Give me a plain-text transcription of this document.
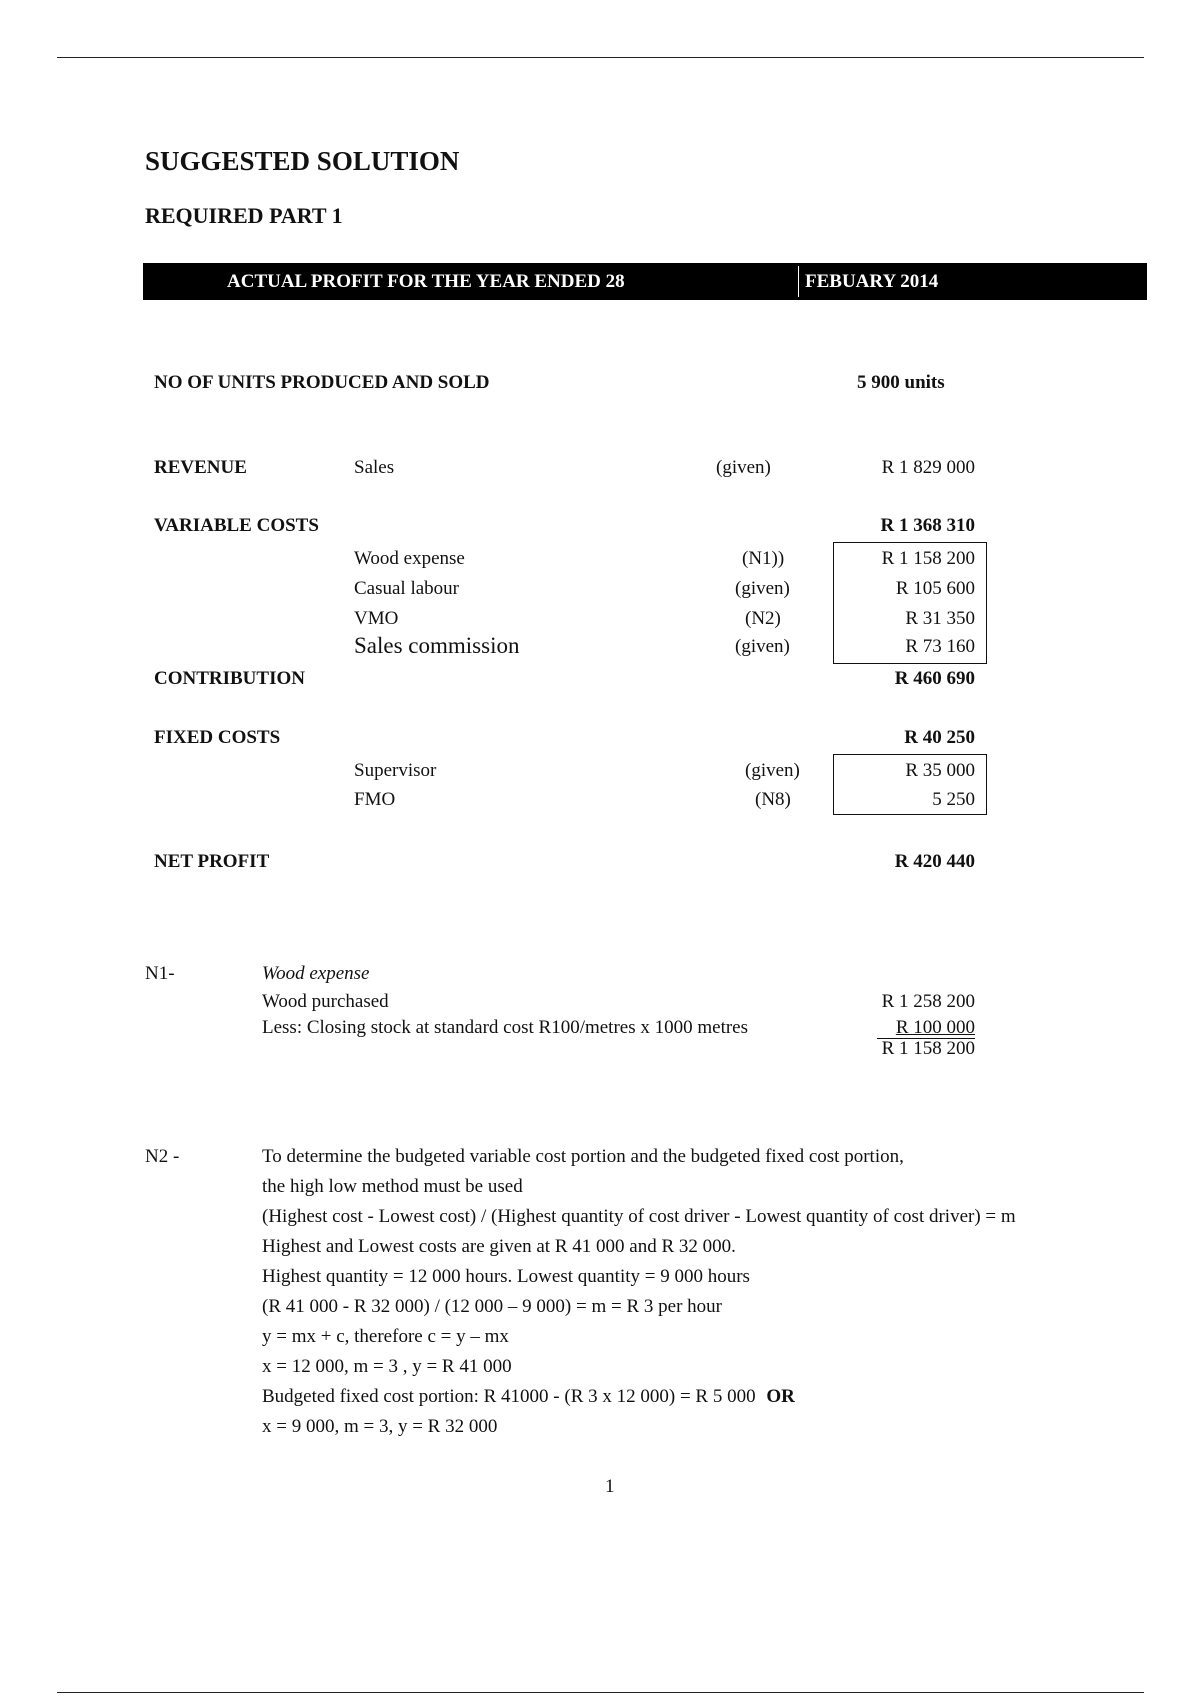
SUGGESTED SOLUTION
REQUIRED PART 1
ACTUAL PROFIT FOR THE YEAR ENDED 28	FEBUARY 2014
NO OF UNITS PRODUCED AND SOLD	5 900 units
REVENUE	Sales	(given)	R 1 829 000
VARIABLE COSTS	R 1 368 310
Wood expense	(N1))	R 1 158 200
Casual labour	(given)	R 105 600
VMO	(N2)	R 31 350
Sales commission	(given)	R 73 160
CONTRIBUTION	R 460 690
FIXED COSTS	R 40 250
Supervisor	(given)	R 35 000
FMO	(N8)	5 250
NET PROFIT	R 420 440
N1-	Wood expense
Wood purchased	R 1 258 200
Less: Closing stock at standard cost R100/metres x 1000 metres	R 100 000
R 1 158 200
N2 -	To determine the budgeted variable cost portion and the budgeted fixed cost portion,
the high low method must be used
(Highest cost - Lowest cost) / (Highest quantity of cost driver - Lowest quantity of cost driver) = m
Highest and Lowest costs are given at R 41 000 and R 32 000.
Highest quantity = 12 000 hours. Lowest quantity = 9 000 hours
(R 41 000 - R 32 000) / (12 000 – 9 000) = m = R 3 per hour
y = mx + c, therefore c = y – mx
x = 12 000, m = 3 , y = R 41 000
Budgeted fixed cost portion: R 41000 - (R 3 x 12 000) = R 5 000 OR
x = 9 000, m = 3, y = R 32 000
1
